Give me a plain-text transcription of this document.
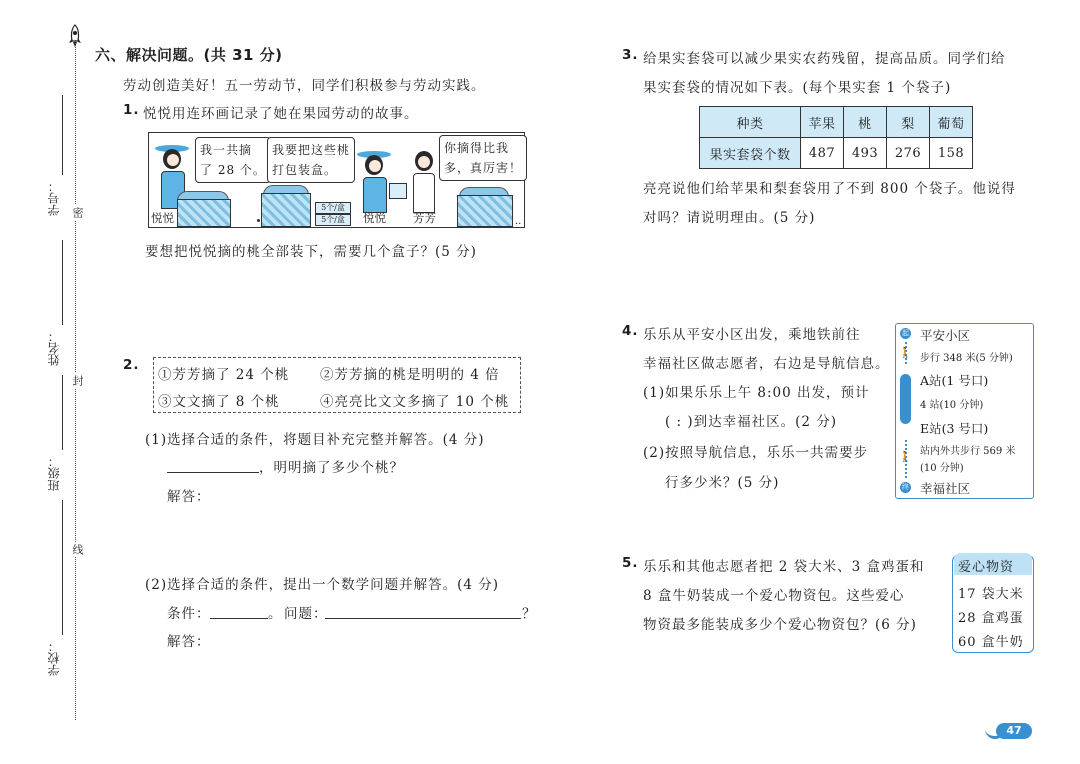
学号：
姓名：
班级：
学校：
密
封
线
六、解决问题。(共 31 分)
劳动创造美好！五一劳动节，同学们积极参与劳动实践。
1. 悦悦用连环画记录了她在果园劳动的故事。
我一共摘
了 28 个。
悦悦
我要把这些桃
打包装盒。
5个/盒
5个/盒	悦悦 芳芳
你摘得比我
多，真厉害！
··
要想把悦悦摘的桃全部装下，需要几个盒子？(5 分)
2.
①芳芳摘了 24 个桃 ②芳芳摘的桃是明明的 4 倍
③文文摘了 8 个桃	④亮亮比文文多摘了 10 个桃
(1)选择合适的条件，将题目补充完整并解答。(4 分)
，明明摘了多少个桃？
解答：
(2)选择合适的条件，提出一个数学问题并解答。(4 分)
条件：	。 问题：	？
解答：
3. 给果实套袋可以减少果实农药残留，提高品质。同学们给
果实套袋的情况如下表。(每个果实套 1 个袋子)
种类	苹果	桃	梨	葡萄
果实套袋个数	487	493	276	158
亮亮说他们给苹果和梨套袋用了不到 800 个袋子。他说得
对吗？请说明理由。(5 分)
4. 乐乐从平安小区出发，乘地铁前往
幸福社区做志愿者，右边是导航信息。
(1)如果乐乐上午 8:00 出发，预计
( : )到达幸福社区。(2 分)
(2)按照导航信息，乐乐一共需要步
行多少米？(5 分)
起 平安小区
🚶 步行 348 米(5 分钟)
A站(1 号口)
4 站(10 分钟)
E站(3 号口)
🚶
站内外共步行 569 米
(10 分钟)
终 幸福社区
5. 乐乐和其他志愿者把 2 袋大米、3 盒鸡蛋和
8 盒牛奶装成一个爱心物资包。这些爱心
物资最多能装成多少个爱心物资包？(6 分)
爱心物资
17 袋大米
28 盒鸡蛋
60 盒牛奶
47
